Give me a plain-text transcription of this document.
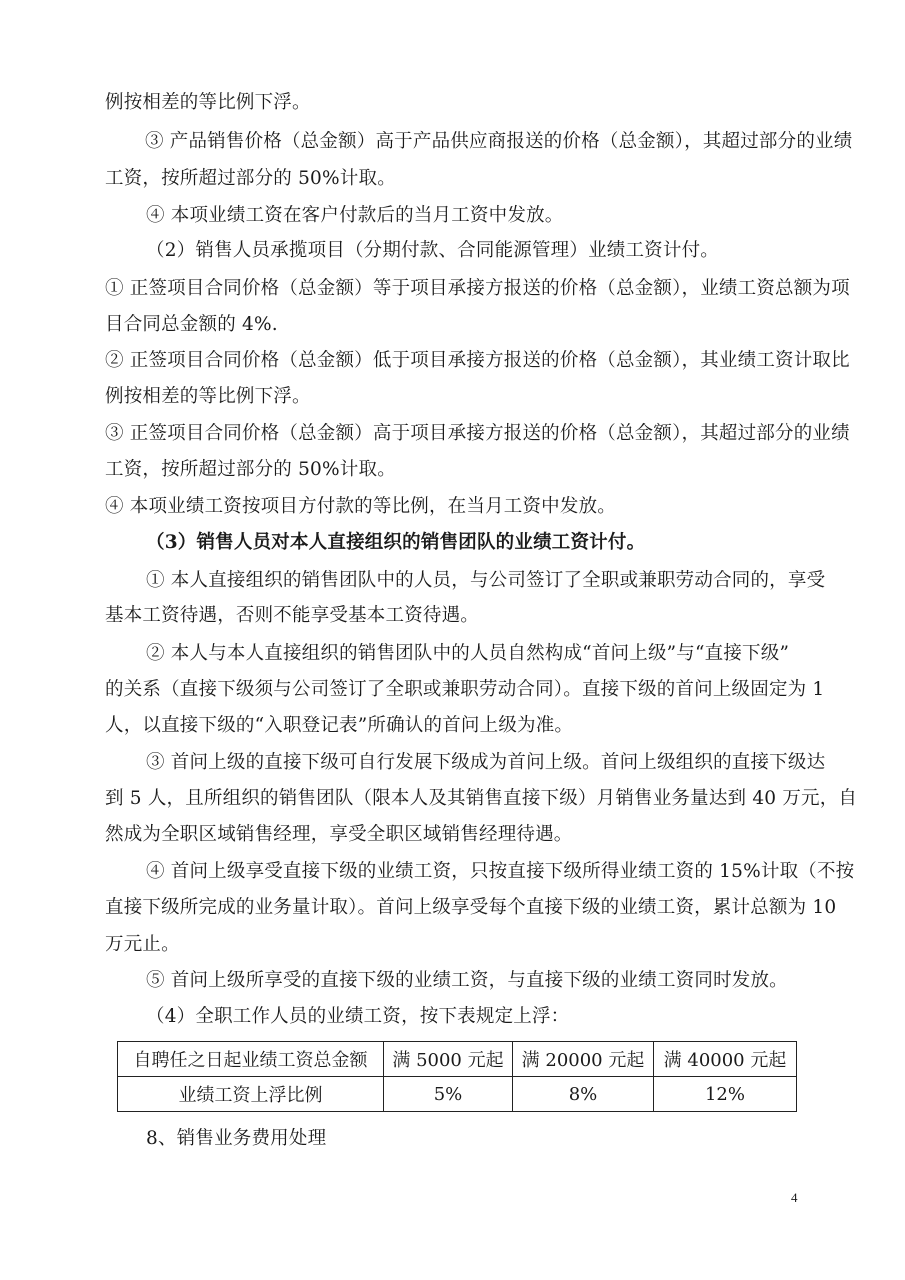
例按相差的等比例下浮。
③ 产品销售价格（总金额）高于产品供应商报送的价格（总金额），其超过部分的业绩
工资，按所超过部分的 50%计取。
④ 本项业绩工资在客户付款后的当月工资中发放。
（2）销售人员承揽项目（分期付款、合同能源管理）业绩工资计付。
① 正签项目合同价格（总金额）等于项目承接方报送的价格（总金额），业绩工资总额为项
目合同总金额的 4%.
② 正签项目合同价格（总金额）低于项目承接方报送的价格（总金额），其业绩工资计取比
例按相差的等比例下浮。
③ 正签项目合同价格（总金额）高于项目承接方报送的价格（总金额），其超过部分的业绩
工资，按所超过部分的 50%计取。
④ 本项业绩工资按项目方付款的等比例，在当月工资中发放。
（3）销售人员对本人直接组织的销售团队的业绩工资计付。
① 本人直接组织的销售团队中的人员，与公司签订了全职或兼职劳动合同的，享受
基本工资待遇，否则不能享受基本工资待遇。
② 本人与本人直接组织的销售团队中的人员自然构成“首问上级”与“直接下级”
的关系（直接下级须与公司签订了全职或兼职劳动合同）。直接下级的首问上级固定为 1
人，以直接下级的“入职登记表”所确认的首问上级为准。
③ 首问上级的直接下级可自行发展下级成为首问上级。首问上级组织的直接下级达
到 5 人，且所组织的销售团队（限本人及其销售直接下级）月销售业务量达到 40 万元，自
然成为全职区域销售经理，享受全职区域销售经理待遇。
④ 首问上级享受直接下级的业绩工资，只按直接下级所得业绩工资的 15%计取（不按
直接下级所完成的业务量计取）。首问上级享受每个直接下级的业绩工资，累计总额为 10
万元止。
⑤ 首问上级所享受的直接下级的业绩工资，与直接下级的业绩工资同时发放。
（4）全职工作人员的业绩工资，按下表规定上浮：
自聘任之日起业绩工资总金额	满 5000 元起	满 20000 元起	满 40000 元起
业绩工资上浮比例	5%	8%	12%
8、销售业务费用处理
4
